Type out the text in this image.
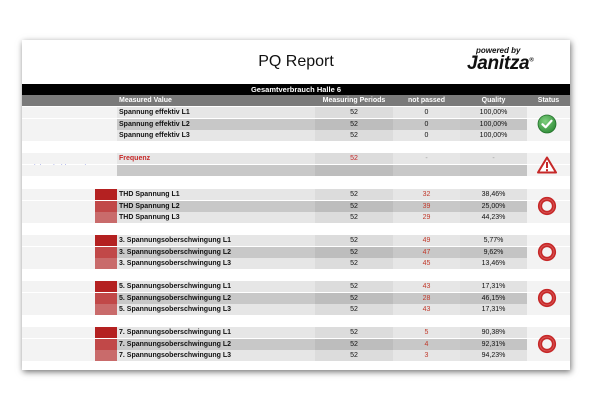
PQ Report
powered by
Janitza®
Gesamtverbrauch Halle 6
Measured Value	Measuring Periods	not passed	Quality	Status
Spannung effektiv L1	52	0	100,00%
Spannung effektiv L2	52	0	100,00%
Spannung effektiv L3	52	0	100,00%
Frequenz	52	-	-
THD Spannung L1	52	32	38,46%
THD Spannung L2	52	39	25,00%
THD Spannung L3	52	29	44,23%
3. Spannungsoberschwingung L1	52	49	5,77%
3. Spannungsoberschwingung L2	52	47	9,62%
3. Spannungsoberschwingung L3	52	45	13,46%
5. Spannungsoberschwingung L1	52	43	17,31%
5. Spannungsoberschwingung L2	52	28	46,15%
5. Spannungsoberschwingung L3	52	43	17,31%
7. Spannungsoberschwingung L1	52	5	90,38%
7. Spannungsoberschwingung L2	52	4	92,31%
7. Spannungsoberschwingung L3	52	3	94,23%
